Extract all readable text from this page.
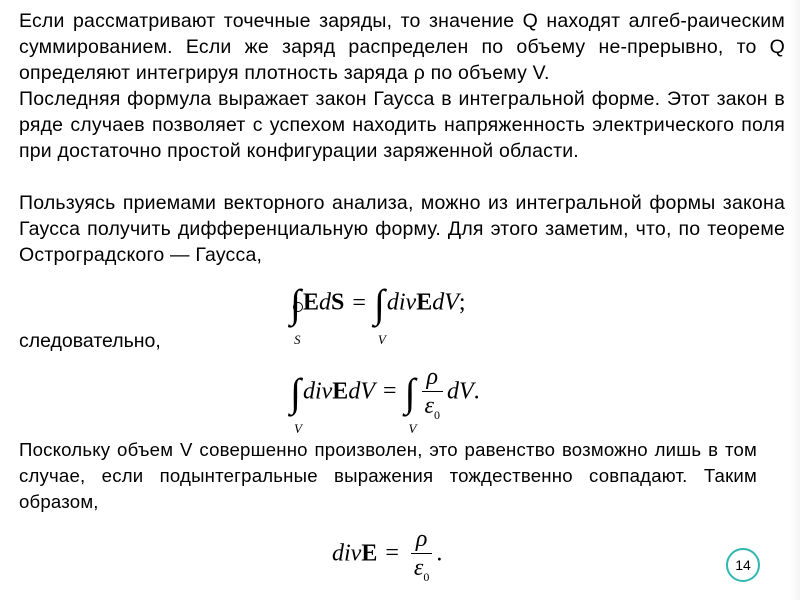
Если рассматривают точечные заряды, то значение Q находят алгеб-раическим суммированием. Если же заряд распределен по объему не-прерывно, то Q определяют интегрируя плотность заряда ρ по объему V.
Последняя формула выражает закон Гаусса в интегральной форме. Этот закон в ряде случаев позволяет с успехом находить напряженность электрического поля при достаточно простой конфигурации заряженной области.
Пользуясь приемами векторного анализа, можно из интегральной формы закона Гаусса получить дифференциальную форму. Для этого заметим, что, по теореме Остроградского — Гаусса,
∫
S
EdS = ∫
V
divEdV;
следовательно,
∫
V
divEdV = ∫
V
$\frac{\rho}{\varepsilon_0}$ dV.
Поскольку объем V совершенно произволен, это равенство возможно лишь в том случае, если подынтегральные выражения тождественно совпадают. Таким образом,
divE = $\frac{\rho}{\varepsilon_0}$ .	14
